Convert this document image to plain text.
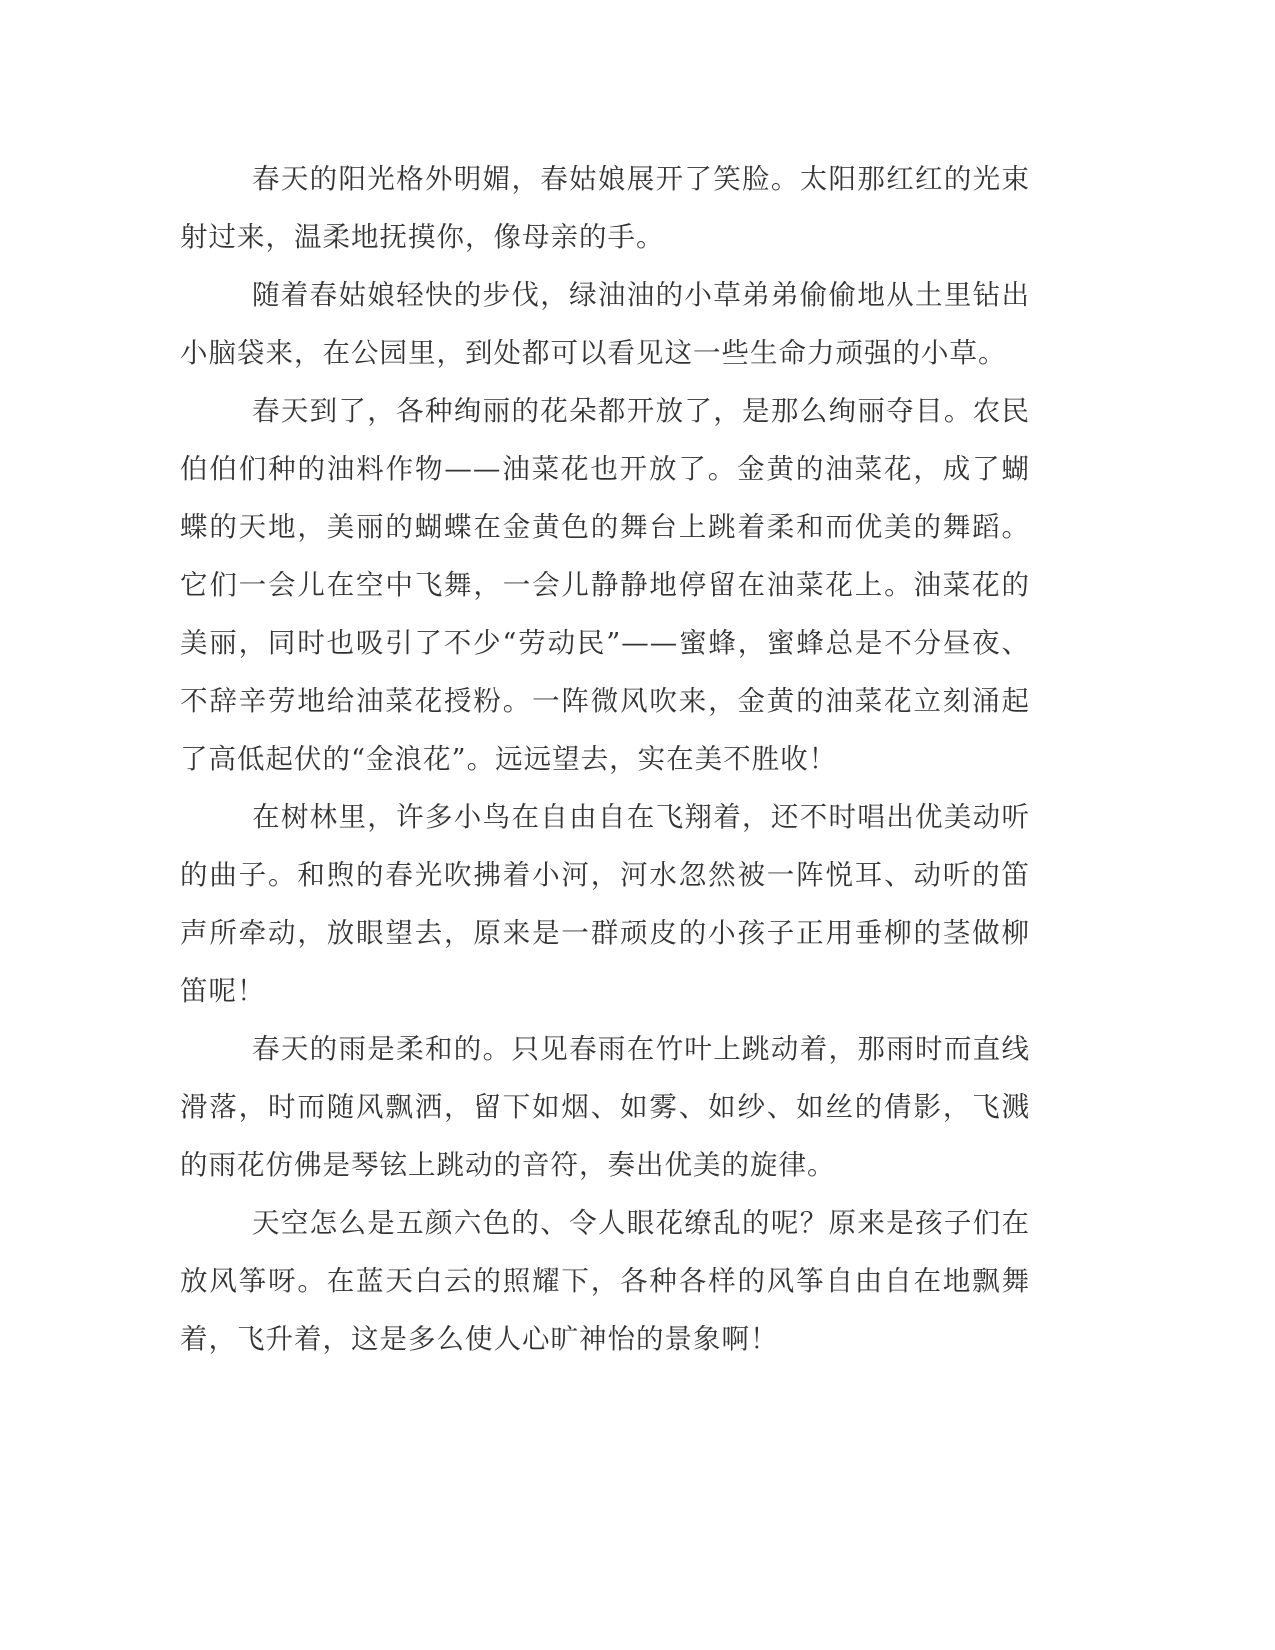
春天的阳光格外明媚，春姑娘展开了笑脸。太阳那红红的光束射过来，温柔地抚摸你，像母亲的手。

随着春姑娘轻快的步伐，绿油油的小草弟弟偷偷地从土里钻出小脑袋来，在公园里，到处都可以看见这一些生命力顽强的小草。

春天到了，各种绚丽的花朵都开放了，是那么绚丽夺目。农民伯伯们种的油料作物——油菜花也开放了。金黄的油菜花，成了蝴蝶的天地，美丽的蝴蝶在金黄色的舞台上跳着柔和而优美的舞蹈。它们一会儿在空中飞舞，一会儿静静地停留在油菜花上。油菜花的美丽，同时也吸引了不少“劳动民”——蜜蜂，蜜蜂总是不分昼夜、不辞辛劳地给油菜花授粉。一阵微风吹来，金黄的油菜花立刻涌起了高低起伏的“金浪花”。远远望去，实在美不胜收！

在树林里，许多小鸟在自由自在飞翔着，还不时唱出优美动听的曲子。和煦的春光吹拂着小河，河水忽然被一阵悦耳、动听的笛声所牵动，放眼望去，原来是一群顽皮的小孩子正用垂柳的茎做柳笛呢！

春天的雨是柔和的。只见春雨在竹叶上跳动着，那雨时而直线滑落，时而随风飘洒，留下如烟、如雾、如纱、如丝的倩影，飞溅的雨花仿佛是琴铉上跳动的音符，奏出优美的旋律。

天空怎么是五颜六色的、令人眼花缭乱的呢？原来是孩子们在放风筝呀。在蓝天白云的照耀下，各种各样的风筝自由自在地飘舞着，飞升着，这是多么使人心旷神怡的景象啊！
